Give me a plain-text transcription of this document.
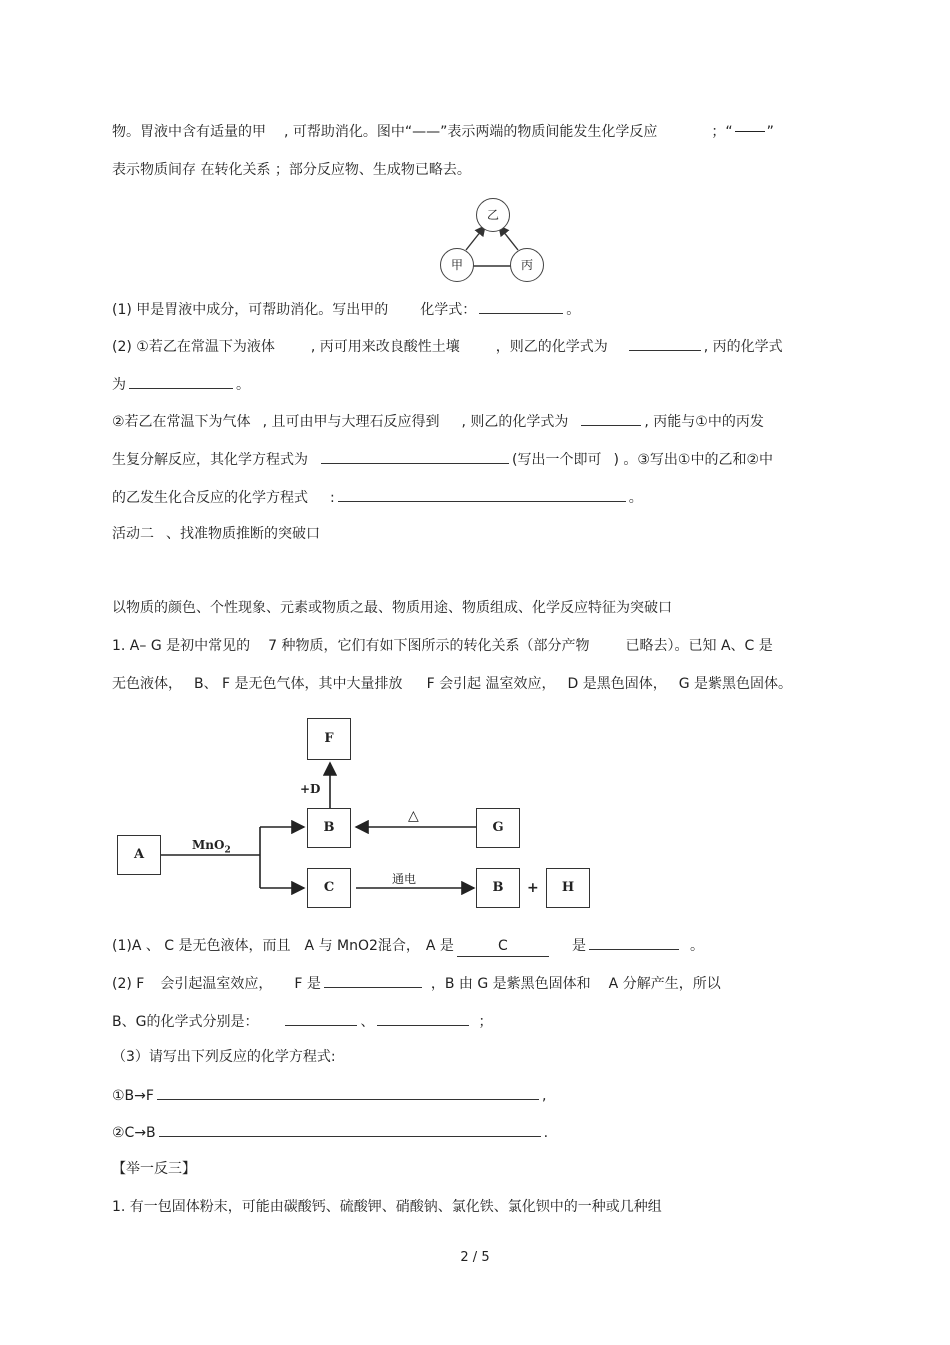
物。胃液中含有适量的甲 , 可帮助消化。图中“——”表示两端的物质间能发生化学反应	；“ ”
表示物质间存 在转化关系 ；部分反应物、生成物已略去。
乙
甲	丙
(1) 甲是胃液中成分，可帮助消化。写出甲的 化学式：	。
(2) ①若乙在常温下为液体	, 丙可用来改良酸性土壤	，则乙的化学式为	, 丙的化学式
为	。
②若乙在常温下为气体 , 且可由甲与大理石反应得到 , 则乙的化学式为	, 丙能与①中的丙发
生复分解反应，其化学方程式为	(写出一个即可 ) 。③写出①中的乙和②中
的乙发生化合反应的化学方程式 :	。
活动二 、找准物质推断的突破口
以物质的颜色、个性现象、元素或物质之最、物质用途、物质组成、化学反应特征为突破口
1. A– G 是初中常见的 7 种物质，它们有如下图所示的转化关系（部分产物	已略去）。已知 A、C 是
无色液体， B、 F 是无色气体，其中大量排放 F 会引起 温室效应， D 是黑色固体， G 是紫黑色固体。
F
+D
B	G
△
A
MnO$_2$
C
通电
B	+	H
(1)A 、 C 是无色液体，而且 A 与 MnO2混合， A 是	C	是	。
(2) F 会引起温室效应， F 是	，B 由 G 是紫黑色固体和 A 分解产生，所以
B、G的化学式分别是：	、	；
（3）请写出下列反应的化学方程式:
①B→F	,
②C→B	.
【举一反三】
1. 有一包固体粉末，可能由碳酸钙、硫酸钾、硝酸钠、氯化铁、氯化钡中的一种或几种组
2 / 5
